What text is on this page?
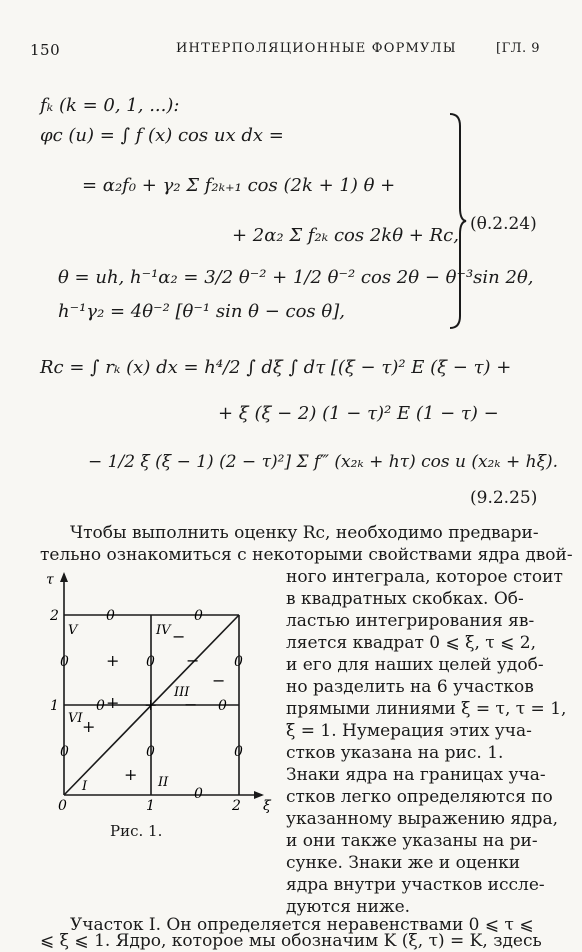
150	ИНТЕРПОЛЯЦИОННЫЕ ФОРМУЛЫ	[ГЛ. 9
fₖ (k = 0, 1, ...):
φc (u) = ∫ f (x) cos ux dx =
= α₂f₀ + γ₂ Σ f₂ₖ₊₁ cos (2k + 1) θ +
+ 2α₂ Σ f₂ₖ cos 2kθ + Rc,
θ = uh, h⁻¹α₂ = 3/2 θ⁻² + 1/2 θ⁻² cos 2θ − θ⁻³sin 2θ,
h⁻¹γ₂ = 4θ⁻² [θ⁻¹ sin θ − cos θ],
(θ.2.24)
Rc = ∫ rₖ (x) dx = h⁴/2 ∫ dξ ∫ dτ [(ξ − τ)² E (ξ − τ) +
+ ξ (ξ − 2) (1 − τ)² E (1 − τ) −
− 1/2 ξ (ξ − 1) (2 − τ)²] Σ f‴ (x₂ₖ + hτ) cos u (x₂ₖ + hξ).
(9.2.25)
Чтобы выполнить оценку Rc, необходимо предвари-
тельно ознакомиться с некоторыми свойствами ядра двой-
ного интеграла, которое стоит
в квадратных скобках. Об-
ластью интегрирования яв-
ляется квадрат 0 ⩽ ξ, τ ⩽ 2,
и его для наших целей удоб-
но разделить на 6 участков
прямыми линиями ξ = τ, τ = 1,
ξ = 1. Нумерация этих уча-
стков указана на рис. 1.
Знаки ядра на границах уча-
стков легко определяются по
указанному выражению ядра,
и они также указаны на ри-
сунке. Знаки же и оценки
ядра внутри участков иссле-
дуются ниже.
Участок I. Он определяется неравенствами 0 ⩽ τ ⩽
⩽ ξ ⩽ 1. Ядро, которое мы обозначим K (ξ, τ) = K, здесь
τ
ξ
0	1	2
1
2
I	II
III
IV
V
VI
+
+
+
+
+
−
−
−
−
0
0
0
0
0
0
0	0
0
0	0
Рис. 1.
